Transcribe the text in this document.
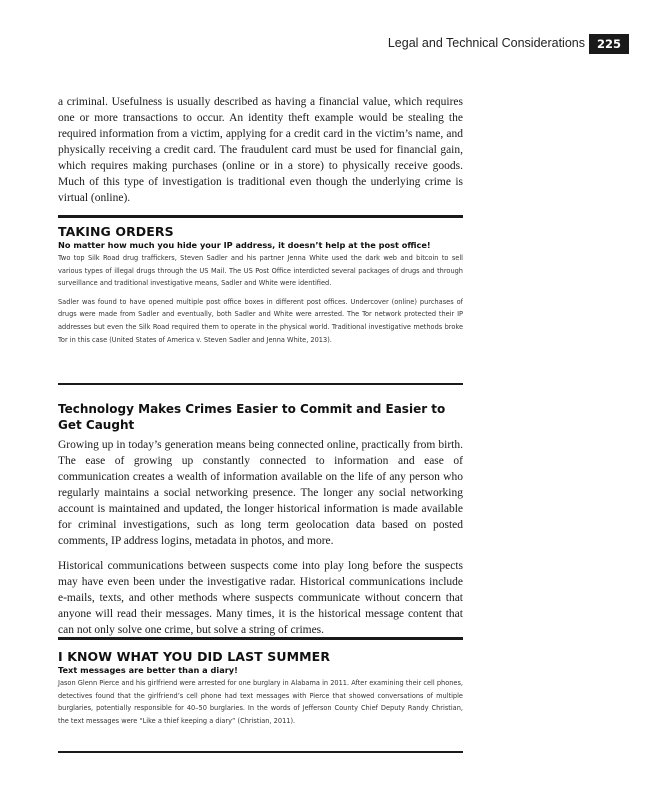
Legal and Technical Considerations	225

a criminal. Usefulness is usually described as having a financial value, which requires one or more transactions to occur. An identity theft example would be stealing the required information from a victim, applying for a credit card in the victim’s name, and physically receiving a credit card. The fraudulent card must be used for financial gain, which requires making purchases (online or in a store) to physically receive goods. Much of this type of investigation is traditional even though the underlying crime is virtual (online).

TAKING ORDERS

No matter how much you hide your IP address, it doesn’t help at the post office!

Two top Silk Road drug traffickers, Steven Sadler and his partner Jenna White used the dark web and bitcoin to sell various types of illegal drugs through the US Mail. The US Post Office interdicted several packages of drugs and through surveillance and traditional investigative means, Sadler and White were identified.

Sadler was found to have opened multiple post office boxes in different post offices. Undercover (online) purchases of drugs were made from Sadler and eventually, both Sadler and White were arrested. The Tor network protected their IP addresses but even the Silk Road required them to operate in the physical world. Traditional investigative methods broke Tor in this case (United States of America v. Steven Sadler and Jenna White, 2013).

Technology Makes Crimes Easier to Commit and Easier to Get Caught

Growing up in today’s generation means being connected online, practically from birth. The ease of growing up constantly connected to information and ease of communication creates a wealth of information available on the life of any person who regularly maintains a social networking presence. The longer any social networking account is maintained and updated, the longer historical information is made available for criminal investigations, such as long term geolocation data based on posted comments, IP address logins, metadata in photos, and more.

Historical communications between suspects come into play long before the suspects may have even been under the investigative radar. Historical communications include e-mails, texts, and other methods where suspects communicate without concern that anyone will read their messages. Many times, it is the historical message content that can not only solve one crime, but solve a string of crimes.

I KNOW WHAT YOU DID LAST SUMMER

Text messages are better than a diary!

Jason Glenn Pierce and his girlfriend were arrested for one burglary in Alabama in 2011. After examining their cell phones, detectives found that the girlfriend’s cell phone had text messages with Pierce that showed conversations of multiple burglaries, potentially responsible for 40–50 burglaries. In the words of Jefferson County Chief Deputy Randy Christian, the text messages were “Like a thief keeping a diary” (Christian, 2011).
